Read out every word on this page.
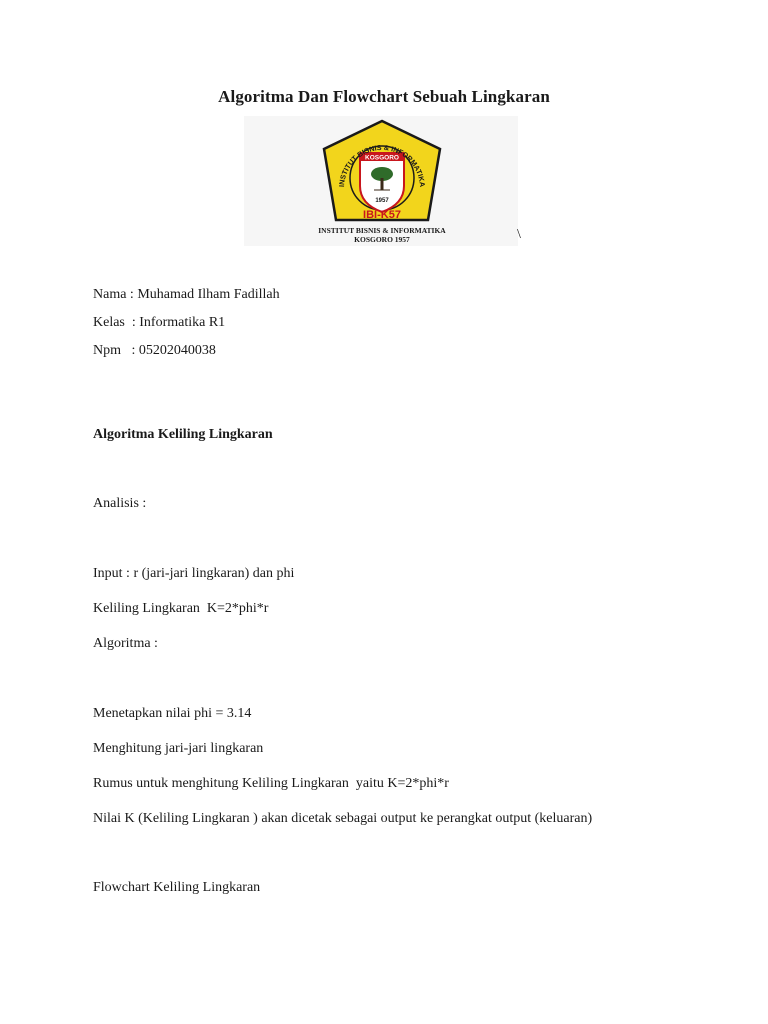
Algoritma Dan Flowchart Sebuah Lingkaran
KOSGORO
1957
INSTITUT BISNIS & INFORMATIKA
IBI-K57
INSTITUT BISNIS & INFORMATIKA
KOSGORO 1957	\
Nama : Muhamad Ilham Fadillah
Kelas  : Informatika R1
Npm   : 05202040038
Algoritma Keliling Lingkaran
Analisis :
Input : r (jari-jari lingkaran) dan phi
Keliling Lingkaran  K=2*phi*r
Algoritma :
Menetapkan nilai phi = 3.14
Menghitung jari-jari lingkaran
Rumus untuk menghitung Keliling Lingkaran  yaitu K=2*phi*r
Nilai K (Keliling Lingkaran ) akan dicetak sebagai output ke perangkat output (keluaran)
Flowchart Keliling Lingkaran
